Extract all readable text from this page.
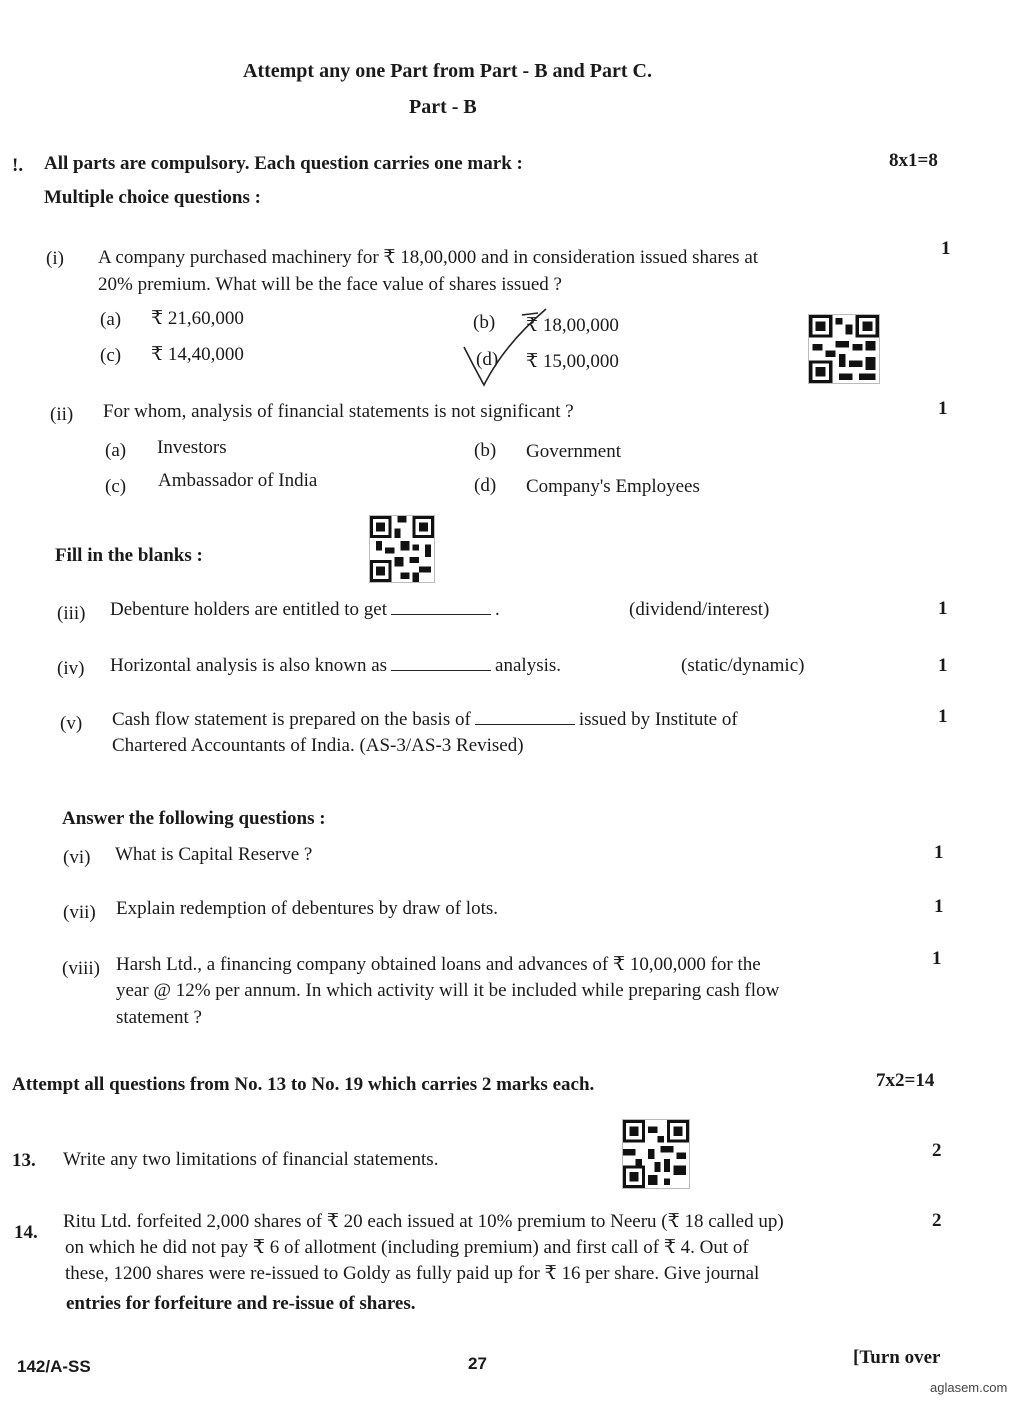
Attempt any one Part from Part - B and Part C.
Part - B
!. All parts are compulsory. Each question carries one mark :	8x1=8
Multiple choice questions :
(i) A company purchased machinery for ₹ 18,00,000 and in consideration issued shares at
20% premium. What will be the face value of shares issued ?
1
(a) ₹ 21,60,000	(b) ₹ 18,00,000
(c) ₹ 14,40,000	(d) ₹ 15,00,000
(ii) For whom, analysis of financial statements is not significant ?	1
(a) Investors	(b) Government
(c) Ambassador of India	(d) Company's Employees
Fill in the blanks :
(iii) Debenture holders are entitled to get	.	(dividend/interest)	1
(iv) Horizontal analysis is also known as	analysis.	(static/dynamic)	1
(v) Cash flow statement is prepared on the basis of	issued by Institute of
Chartered Accountants of India. (AS-3/AS-3 Revised)
1
Answer the following questions :
(vi) What is Capital Reserve ?	1
(vii) Explain redemption of debentures by draw of lots.	1
(viii) Harsh Ltd., a financing company obtained loans and advances of ₹ 10,00,000 for the
year @ 12% per annum. In which activity will it be included while preparing cash flow
statement ?
1
Attempt all questions from No. 13 to No. 19 which carries 2 marks each.	7x2=14
13. Write any two limitations of financial statements.	2
14.
Ritu Ltd. forfeited 2,000 shares of ₹ 20 each issued at 10% premium to Neeru (₹ 18 called up)
on which he did not pay ₹ 6 of allotment (including premium) and first call of ₹ 4. Out of
these, 1200 shares were re-issued to Goldy as fully paid up for ₹ 16 per share. Give journal
entries for forfeiture and re-issue of shares.
2
142/A-SS	27	[Turn over
aglasem.com
